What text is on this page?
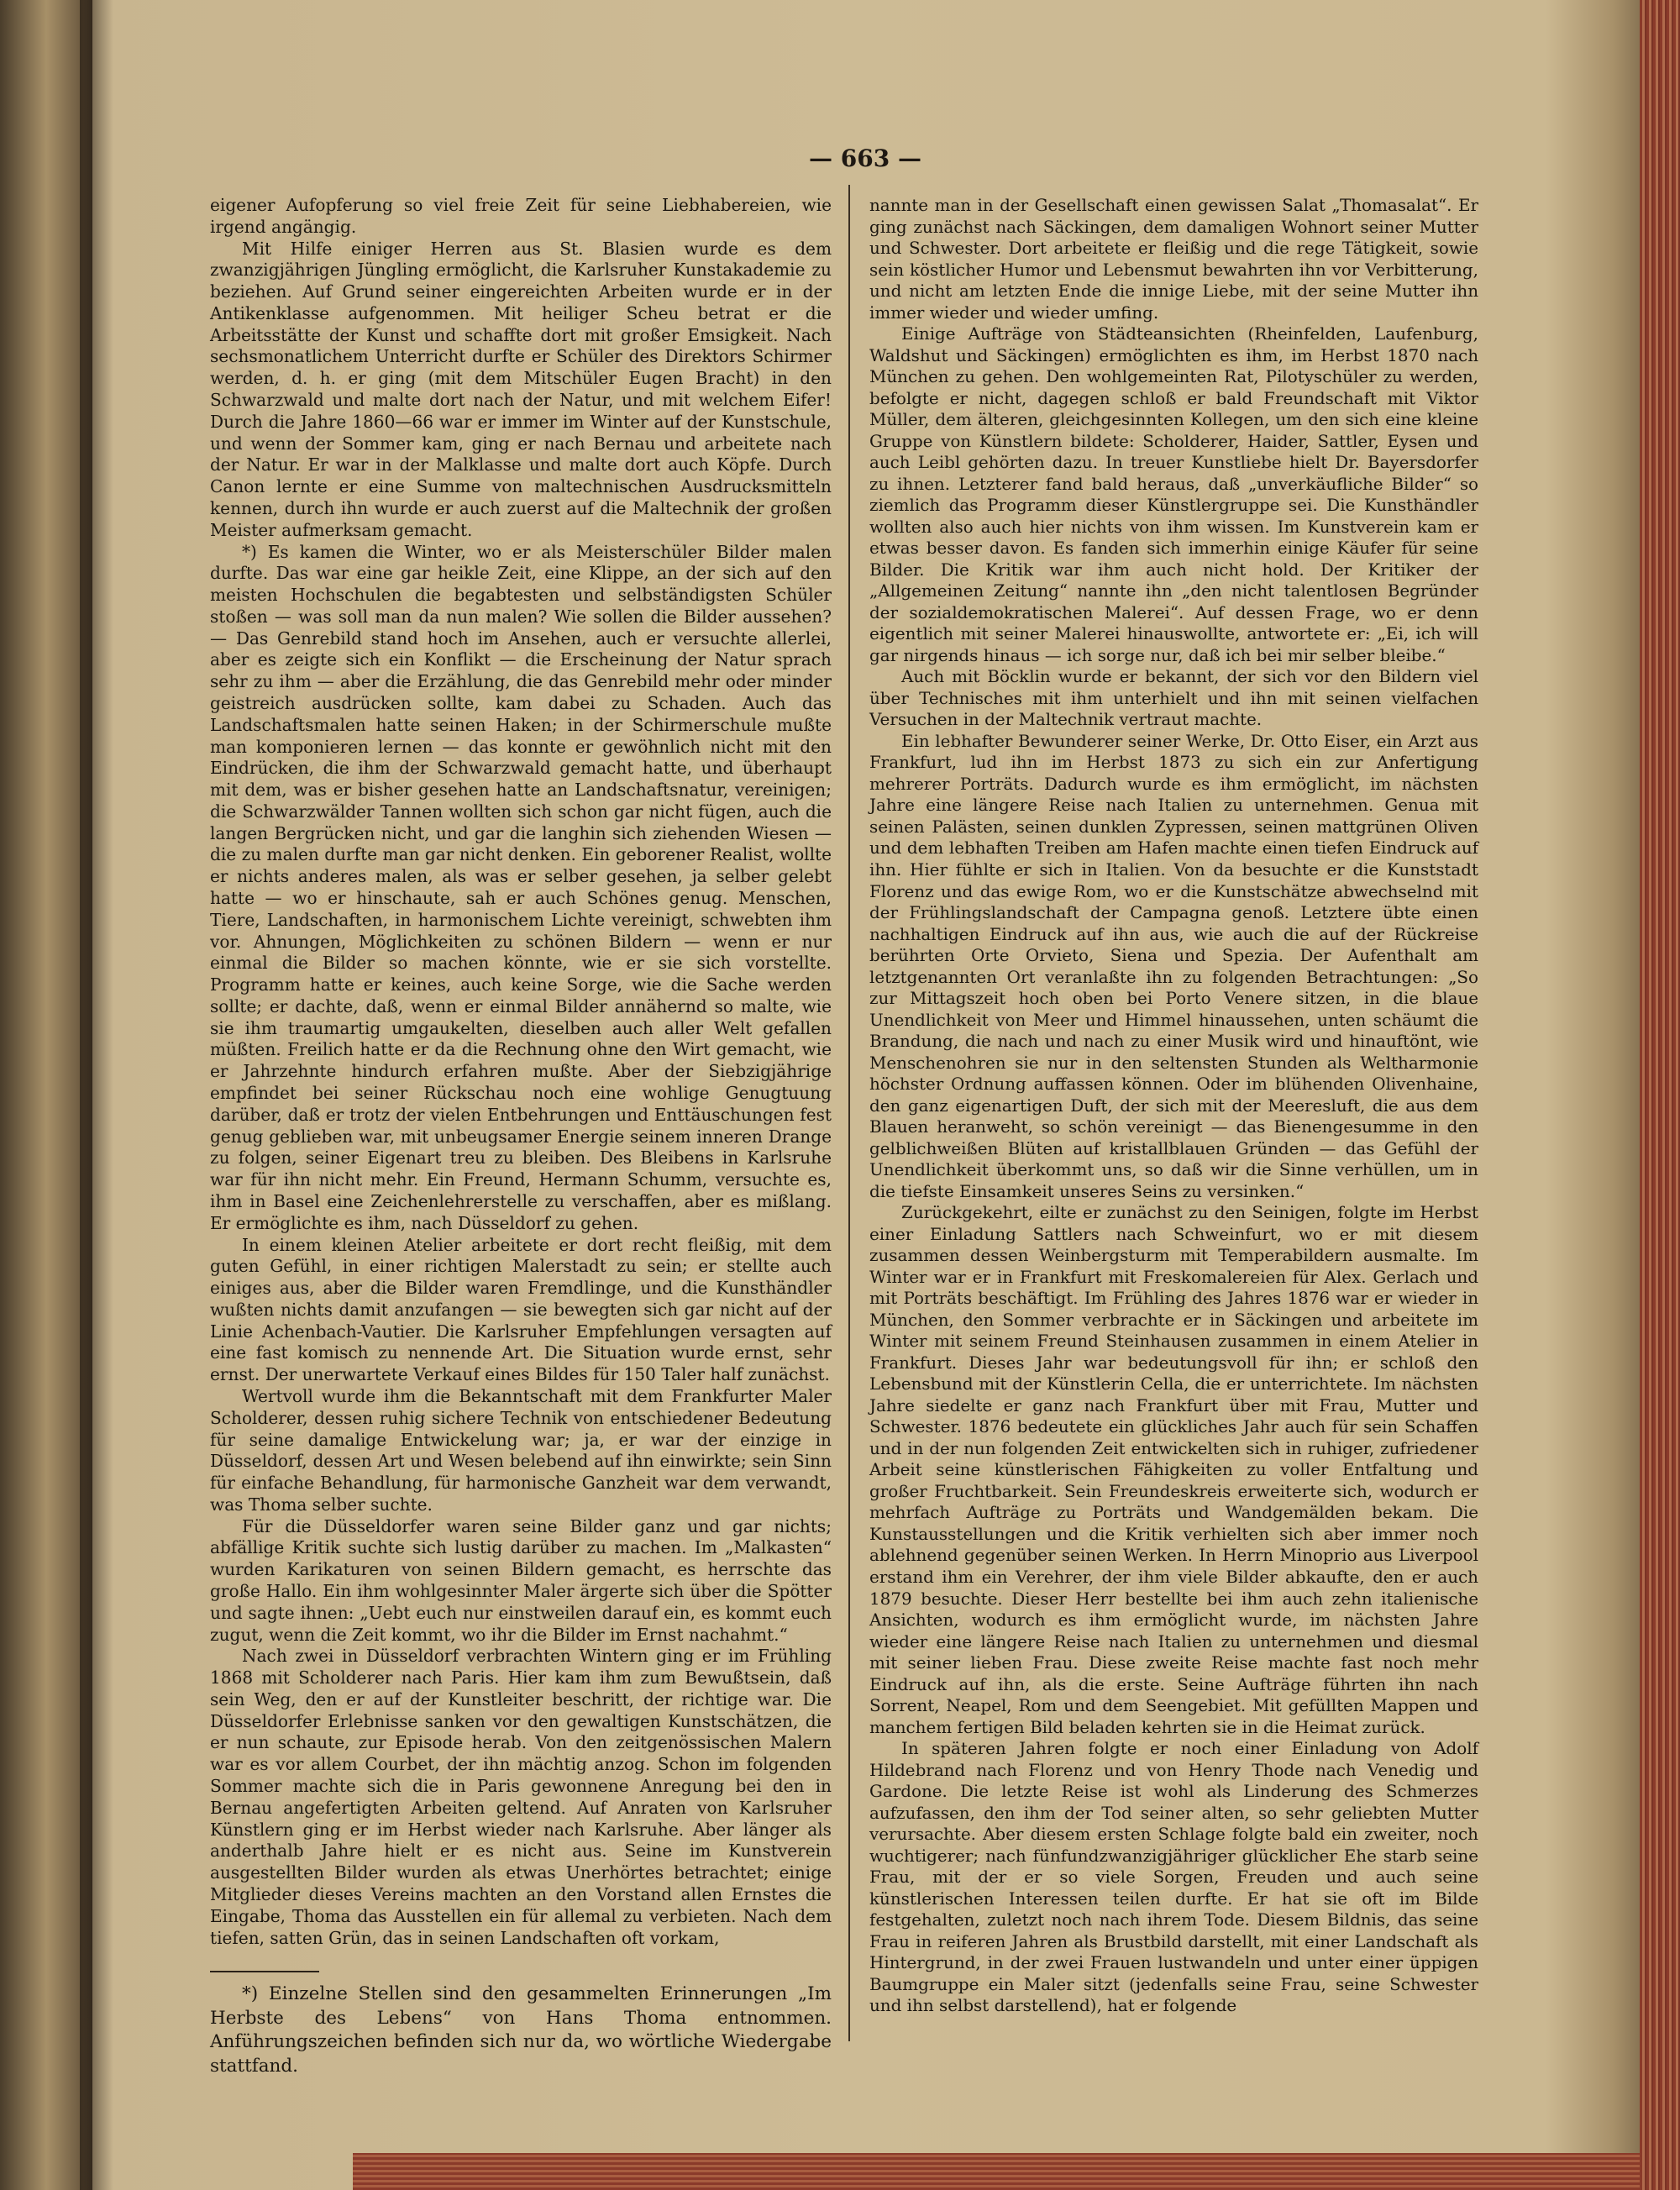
— 663 —

eigener Aufopferung so viel freie Zeit für seine Liebhabereien, wie irgend angängig.

Mit Hilfe einiger Herren aus St. Blasien wurde es dem zwanzigjährigen Jüngling ermöglicht, die Karlsruher Kunstakademie zu beziehen. Auf Grund seiner eingereichten Arbeiten wurde er in der Antikenklasse aufgenommen. Mit heiliger Scheu betrat er die Arbeitsstätte der Kunst und schaffte dort mit großer Emsigkeit. Nach sechsmonatlichem Unterricht durfte er Schüler des Direktors Schirmer werden, d. h. er ging (mit dem Mitschüler Eugen Bracht) in den Schwarzwald und malte dort nach der Natur, und mit welchem Eifer! Durch die Jahre 1860—66 war er immer im Winter auf der Kunstschule, und wenn der Sommer kam, ging er nach Bernau und arbeitete nach der Natur. Er war in der Malklasse und malte dort auch Köpfe. Durch Canon lernte er eine Summe von maltechnischen Ausdrucksmitteln kennen, durch ihn wurde er auch zuerst auf die Maltechnik der großen Meister aufmerksam gemacht.

*) Es kamen die Winter, wo er als Meisterschüler Bilder malen durfte. Das war eine gar heikle Zeit, eine Klippe, an der sich auf den meisten Hochschulen die begabtesten und selbständigsten Schüler stoßen — was soll man da nun malen? Wie sollen die Bilder aussehen? — Das Genrebild stand hoch im Ansehen, auch er versuchte allerlei, aber es zeigte sich ein Konflikt — die Erscheinung der Natur sprach sehr zu ihm — aber die Erzählung, die das Genrebild mehr oder minder geistreich ausdrücken sollte, kam dabei zu Schaden. Auch das Landschaftsmalen hatte seinen Haken; in der Schirmerschule mußte man komponieren lernen — das konnte er gewöhnlich nicht mit den Eindrücken, die ihm der Schwarzwald gemacht hatte, und überhaupt mit dem, was er bisher gesehen hatte an Landschaftsnatur, vereinigen; die Schwarzwälder Tannen wollten sich schon gar nicht fügen, auch die langen Bergrücken nicht, und gar die langhin sich ziehenden Wiesen — die zu malen durfte man gar nicht denken. Ein geborener Realist, wollte er nichts anderes malen, als was er selber gesehen, ja selber gelebt hatte — wo er hinschaute, sah er auch Schönes genug. Menschen, Tiere, Landschaften, in harmonischem Lichte vereinigt, schwebten ihm vor. Ahnungen, Möglichkeiten zu schönen Bildern — wenn er nur einmal die Bilder so machen könnte, wie er sie sich vorstellte. Programm hatte er keines, auch keine Sorge, wie die Sache werden sollte; er dachte, daß, wenn er einmal Bilder annähernd so malte, wie sie ihm traumartig umgaukelten, dieselben auch aller Welt gefallen müßten. Freilich hatte er da die Rechnung ohne den Wirt gemacht, wie er Jahrzehnte hindurch erfahren mußte. Aber der Siebzigjährige empfindet bei seiner Rückschau noch eine wohlige Genugtuung darüber, daß er trotz der vielen Entbehrungen und Enttäuschungen fest genug geblieben war, mit unbeugsamer Energie seinem inneren Drange zu folgen, seiner Eigenart treu zu bleiben. Des Bleibens in Karlsruhe war für ihn nicht mehr. Ein Freund, Hermann Schumm, versuchte es, ihm in Basel eine Zeichenlehrerstelle zu verschaffen, aber es mißlang. Er ermöglichte es ihm, nach Düsseldorf zu gehen.

In einem kleinen Atelier arbeitete er dort recht fleißig, mit dem guten Gefühl, in einer richtigen Malerstadt zu sein; er stellte auch einiges aus, aber die Bilder waren Fremdlinge, und die Kunsthändler wußten nichts damit anzufangen — sie bewegten sich gar nicht auf der Linie Achenbach-Vautier. Die Karlsruher Empfehlungen versagten auf eine fast komisch zu nennende Art. Die Situation wurde ernst, sehr ernst. Der unerwartete Verkauf eines Bildes für 150 Taler half zunächst.

Wertvoll wurde ihm die Bekanntschaft mit dem Frankfurter Maler Scholderer, dessen ruhig sichere Technik von entschiedener Bedeutung für seine damalige Entwickelung war; ja, er war der einzige in Düsseldorf, dessen Art und Wesen belebend auf ihn einwirkte; sein Sinn für einfache Behandlung, für harmonische Ganzheit war dem verwandt, was Thoma selber suchte.

Für die Düsseldorfer waren seine Bilder ganz und gar nichts; abfällige Kritik suchte sich lustig darüber zu machen. Im „Malkasten“ wurden Karikaturen von seinen Bildern gemacht, es herrschte das große Hallo. Ein ihm wohlgesinnter Maler ärgerte sich über die Spötter und sagte ihnen: „Uebt euch nur einstweilen darauf ein, es kommt euch zugut, wenn die Zeit kommt, wo ihr die Bilder im Ernst nachahmt.“

Nach zwei in Düsseldorf verbrachten Wintern ging er im Frühling 1868 mit Scholderer nach Paris. Hier kam ihm zum Bewußtsein, daß sein Weg, den er auf der Kunstleiter beschritt, der richtige war. Die Düsseldorfer Erlebnisse sanken vor den gewaltigen Kunstschätzen, die er nun schaute, zur Episode herab. Von den zeitgenössischen Malern war es vor allem Courbet, der ihn mächtig anzog. Schon im folgenden Sommer machte sich die in Paris gewonnene Anregung bei den in Bernau angefertigten Arbeiten geltend. Auf Anraten von Karlsruher Künstlern ging er im Herbst wieder nach Karlsruhe. Aber länger als anderthalb Jahre hielt er es nicht aus. Seine im Kunstverein ausgestellten Bilder wurden als etwas Unerhörtes betrachtet; einige Mitglieder dieses Vereins machten an den Vorstand allen Ernstes die Eingabe, Thoma das Ausstellen ein für allemal zu verbieten. Nach dem tiefen, satten Grün, das in seinen Landschaften oft vorkam,

nannte man in der Gesellschaft einen gewissen Salat „Thomasalat“. Er ging zunächst nach Säckingen, dem damaligen Wohnort seiner Mutter und Schwester. Dort arbeitete er fleißig und die rege Tätigkeit, sowie sein köstlicher Humor und Lebensmut bewahrten ihn vor Verbitterung, und nicht am letzten Ende die innige Liebe, mit der seine Mutter ihn immer wieder und wieder umfing.

Einige Aufträge von Städteansichten (Rheinfelden, Laufenburg, Waldshut und Säckingen) ermöglichten es ihm, im Herbst 1870 nach München zu gehen. Den wohlgemeinten Rat, Pilotyschüler zu werden, befolgte er nicht, dagegen schloß er bald Freundschaft mit Viktor Müller, dem älteren, gleichgesinnten Kollegen, um den sich eine kleine Gruppe von Künstlern bildete: Scholderer, Haider, Sattler, Eysen und auch Leibl gehörten dazu. In treuer Kunstliebe hielt Dr. Bayersdorfer zu ihnen. Letzterer fand bald heraus, daß „unverkäufliche Bilder“ so ziemlich das Programm dieser Künstlergruppe sei. Die Kunsthändler wollten also auch hier nichts von ihm wissen. Im Kunstverein kam er etwas besser davon. Es fanden sich immerhin einige Käufer für seine Bilder. Die Kritik war ihm auch nicht hold. Der Kritiker der „Allgemeinen Zeitung“ nannte ihn „den nicht talentlosen Begründer der sozialdemokratischen Malerei“. Auf dessen Frage, wo er denn eigentlich mit seiner Malerei hinauswollte, antwortete er: „Ei, ich will gar nirgends hinaus — ich sorge nur, daß ich bei mir selber bleibe.“

Auch mit Böcklin wurde er bekannt, der sich vor den Bildern viel über Technisches mit ihm unterhielt und ihn mit seinen vielfachen Versuchen in der Maltechnik vertraut machte.

Ein lebhafter Bewunderer seiner Werke, Dr. Otto Eiser, ein Arzt aus Frankfurt, lud ihn im Herbst 1873 zu sich ein zur Anfertigung mehrerer Porträts. Dadurch wurde es ihm ermöglicht, im nächsten Jahre eine längere Reise nach Italien zu unternehmen. Genua mit seinen Palästen, seinen dunklen Zypressen, seinen mattgrünen Oliven und dem lebhaften Treiben am Hafen machte einen tiefen Eindruck auf ihn. Hier fühlte er sich in Italien. Von da besuchte er die Kunststadt Florenz und das ewige Rom, wo er die Kunstschätze abwechselnd mit der Frühlingslandschaft der Campagna genoß. Letztere übte einen nachhaltigen Eindruck auf ihn aus, wie auch die auf der Rückreise berührten Orte Orvieto, Siena und Spezia. Der Aufenthalt am letztgenannten Ort veranlaßte ihn zu folgenden Betrachtungen: „So zur Mittagszeit hoch oben bei Porto Venere sitzen, in die blaue Unendlichkeit von Meer und Himmel hinaussehen, unten schäumt die Brandung, die nach und nach zu einer Musik wird und hinauftönt, wie Menschenohren sie nur in den seltensten Stunden als Weltharmonie höchster Ordnung auffassen können. Oder im blühenden Olivenhaine, den ganz eigenartigen Duft, der sich mit der Meeresluft, die aus dem Blauen heranweht, so schön vereinigt — das Bienengesumme in den gelblichweißen Blüten auf kristallblauen Gründen — das Gefühl der Unendlichkeit überkommt uns, so daß wir die Sinne verhüllen, um in die tiefste Einsamkeit unseres Seins zu versinken.“

Zurückgekehrt, eilte er zunächst zu den Seinigen, folgte im Herbst einer Einladung Sattlers nach Schweinfurt, wo er mit diesem zusammen dessen Weinbergsturm mit Temperabildern ausmalte. Im Winter war er in Frankfurt mit Freskomalereien für Alex. Gerlach und mit Porträts beschäftigt. Im Frühling des Jahres 1876 war er wieder in München, den Sommer verbrachte er in Säckingen und arbeitete im Winter mit seinem Freund Steinhausen zusammen in einem Atelier in Frankfurt. Dieses Jahr war bedeutungsvoll für ihn; er schloß den Lebensbund mit der Künstlerin Cella, die er unterrichtete. Im nächsten Jahre siedelte er ganz nach Frankfurt über mit Frau, Mutter und Schwester. 1876 bedeutete ein glückliches Jahr auch für sein Schaffen und in der nun folgenden Zeit entwickelten sich in ruhiger, zufriedener Arbeit seine künstlerischen Fähigkeiten zu voller Entfaltung und großer Fruchtbarkeit. Sein Freundeskreis erweiterte sich, wodurch er mehrfach Aufträge zu Porträts und Wandgemälden bekam. Die Kunstausstellungen und die Kritik verhielten sich aber immer noch ablehnend gegenüber seinen Werken. In Herrn Minoprio aus Liverpool erstand ihm ein Verehrer, der ihm viele Bilder abkaufte, den er auch 1879 besuchte. Dieser Herr bestellte bei ihm auch zehn italienische Ansichten, wodurch es ihm ermöglicht wurde, im nächsten Jahre wieder eine längere Reise nach Italien zu unternehmen und diesmal mit seiner lieben Frau. Diese zweite Reise machte fast noch mehr Eindruck auf ihn, als die erste. Seine Aufträge führten ihn nach Sorrent, Neapel, Rom und dem Seengebiet. Mit gefüllten Mappen und manchem fertigen Bild beladen kehrten sie in die Heimat zurück.

In späteren Jahren folgte er noch einer Einladung von Adolf Hildebrand nach Florenz und von Henry Thode nach Venedig und Gardone. Die letzte Reise ist wohl als Linderung des Schmerzes aufzufassen, den ihm der Tod seiner alten, so sehr geliebten Mutter verursachte. Aber diesem ersten Schlage folgte bald ein zweiter, noch wuchtigerer; nach fünfundzwanzigjähriger glücklicher Ehe starb seine Frau, mit der er so viele Sorgen, Freuden und auch seine künstlerischen Interessen teilen durfte. Er hat sie oft im Bilde festgehalten, zuletzt noch nach ihrem Tode. Diesem Bildnis, das seine Frau in reiferen Jahren als Brustbild darstellt, mit einer Landschaft als Hintergrund, in der zwei Frauen lustwandeln und unter einer üppigen Baumgruppe ein Maler sitzt (jedenfalls seine Frau, seine Schwester und ihn selbst darstellend), hat er folgende

*) Einzelne Stellen sind den gesammelten Erinnerungen „Im Herbste des Lebens“ von Hans Thoma entnommen. Anführungszeichen befinden sich nur da, wo wörtliche Wiedergabe stattfand.
